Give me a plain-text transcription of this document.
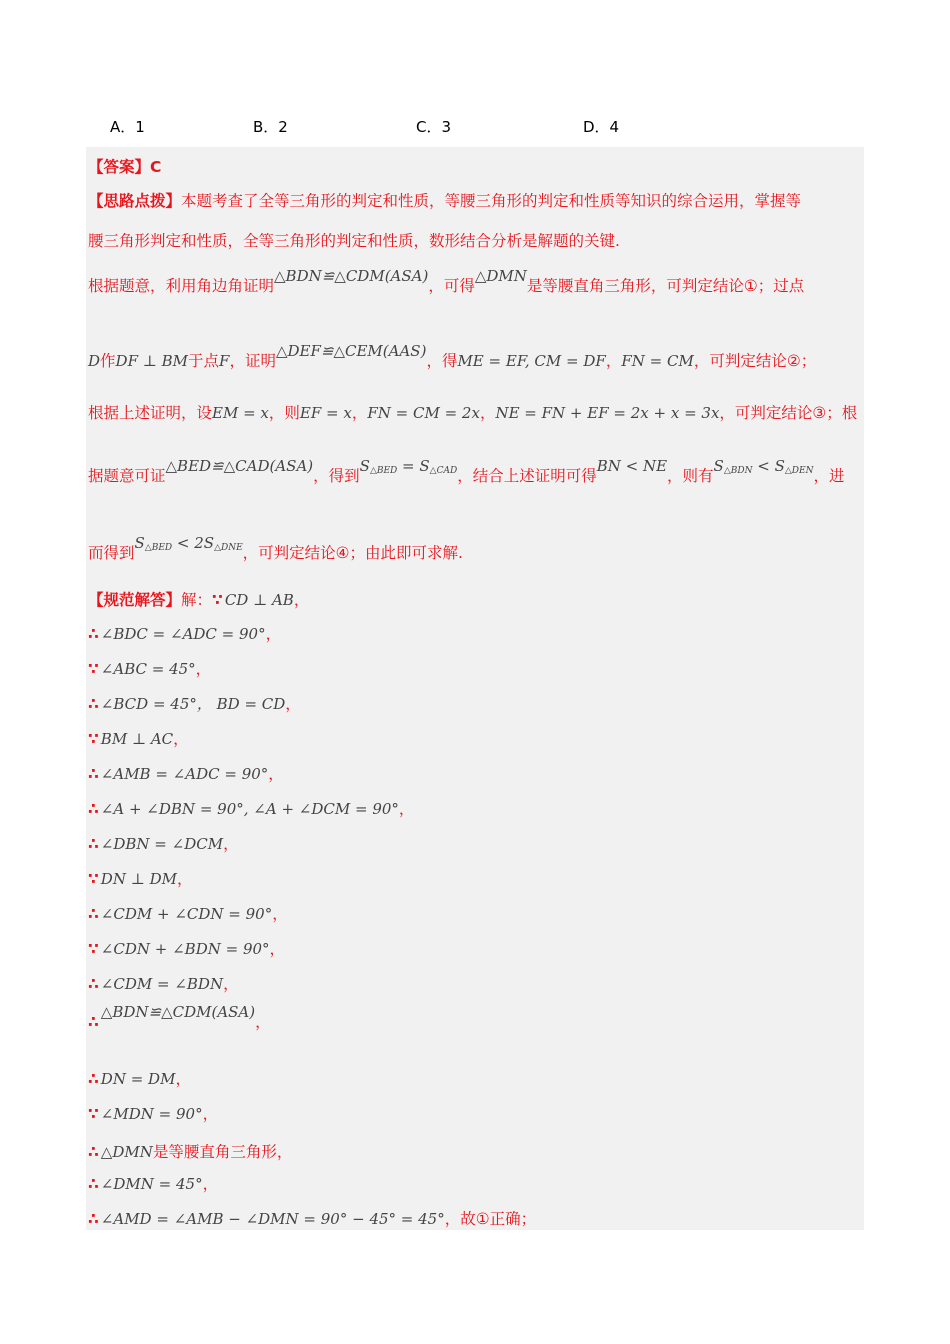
A．1	B．2	C．3	D．4
【答案】C
【思路点拨】本题考查了全等三角形的判定和性质，等腰三角形的判定和性质等知识的综合运用，掌握等
腰三角形判定和性质，全等三角形的判定和性质，数形结合分析是解题的关键.
根据题意，利用角边角证明△BDN≌△CDM(ASA)，可得△DMN是等腰直角三角形，可判定结论①；过点
D作DF ⊥ BM于点F，证明△DEF≌△CEM(AAS)，得ME = EF, CM = DF，FN = CM，可判定结论②；
根据上述证明，设EM = x，则EF = x，FN = CM = 2x，NE = FN + EF = 2x + x = 3x，可判定结论③；根
据题意可证△BED≌△CAD(ASA)，得到$S_{\triangle BED} = S_{\triangle CAD}$，结合上述证明可得BN < NE，则有$S_{\triangle BDN} < S_{\triangle DEN}$，进
而得到$S_{\triangle BED} < 2S_{\triangle DNE}$，可判定结论④；由此即可求解.
【规范解答】解：∵ CD ⊥ AB，
∴ ∠BDC = ∠ADC = 90°，
∵ ∠ABC = 45°，
∴ ∠BCD = 45°， BD = CD，
∵ BM ⊥ AC，
∴ ∠AMB = ∠ADC = 90°，
∴ ∠A + ∠DBN = 90°, ∠A + ∠DCM = 90°，
∴ ∠DBN = ∠DCM，
∵ DN ⊥ DM，
∴ ∠CDM + ∠CDN = 90°，
∵ ∠CDN + ∠BDN = 90°，
∴ ∠CDM = ∠BDN，
∴△BDN≌△CDM(ASA)，
∴ DN = DM，
∵ ∠MDN = 90°，
∴ △DMN是等腰直角三角形，
∴ ∠DMN = 45°，
∴ ∠AMD = ∠AMB − ∠DMN = 90° − 45° = 45°，故①正确；
